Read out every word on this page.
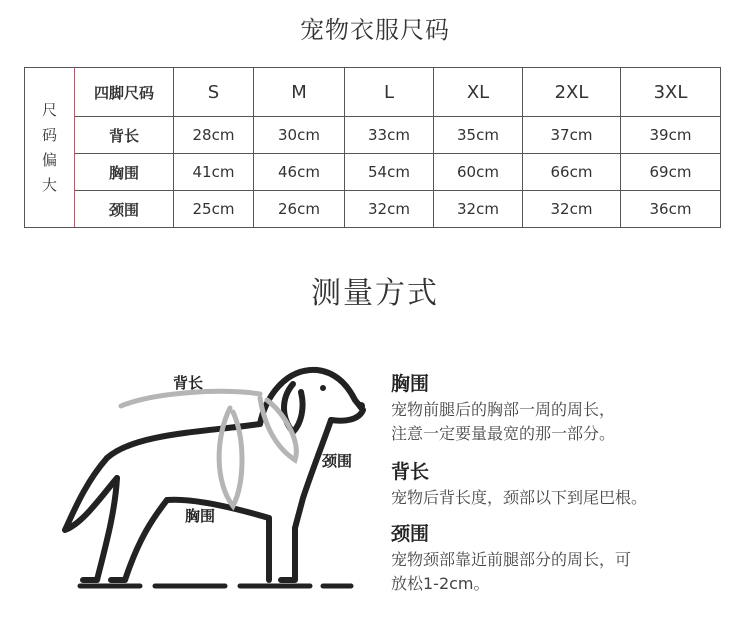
宠物衣服尺码
尺
码
偏
大	四脚尺码	S	M	L	XL	2XL	3XL
	背长	28cm	30cm	33cm	35cm	37cm	39cm
	胸围	41cm	46cm	54cm	60cm	66cm	69cm
	颈围	25cm	26cm	32cm	32cm	32cm	36cm
测量方式
背长
颈围
胸围
胸围

宠物前腿后的胸部一周的周长，
注意一定要量最宽的那一部分。

背长

宠物后背长度，颈部以下到尾巴根。

颈围

宠物颈部靠近前腿部分的周长，可
放松1-2cm。
